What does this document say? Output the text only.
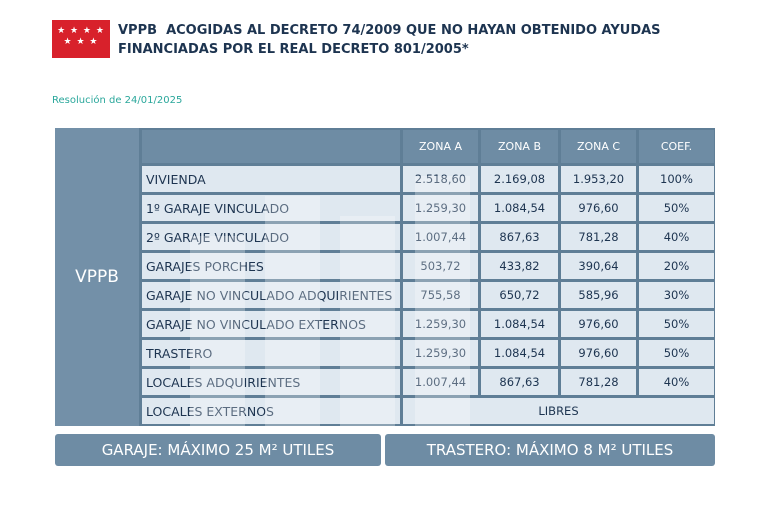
★ ★ ★ ★
★ ★ ★
VPPB  ACOGIDAS AL DECRETO 74/2009 QUE NO HAYAN OBTENIDO AYUDAS
FINANCIADAS POR EL REAL DECRETO 801/2005*
Resolución de 24/01/2025
VPPB
ZONA A	ZONA B	ZONA C	COEF.
VIVIENDA	2.518,60	2.169,08	1.953,20	100%
1º GARAJE VINCULADO	1.259,30	1.084,54	976,60	50%
2º GARAJE VINCULADO	1.007,44	867,63	781,28	40%
GARAJES PORCHES	503,72	433,82	390,64	20%
GARAJE NO VINCULADO ADQUIRIENTES	755,58	650,72	585,96	30%
GARAJE NO VINCULADO EXTERNOS	1.259,30	1.084,54	976,60	50%
TRASTERO	1.259,30	1.084,54	976,60	50%
LOCALES ADQUIRIENTES	1.007,44	867,63	781,28	40%
LOCALES EXTERNOS	LIBRES
GARAJE: MÁXIMO 25 M² UTILES	TRASTERO: MÁXIMO 8 M² UTILES
